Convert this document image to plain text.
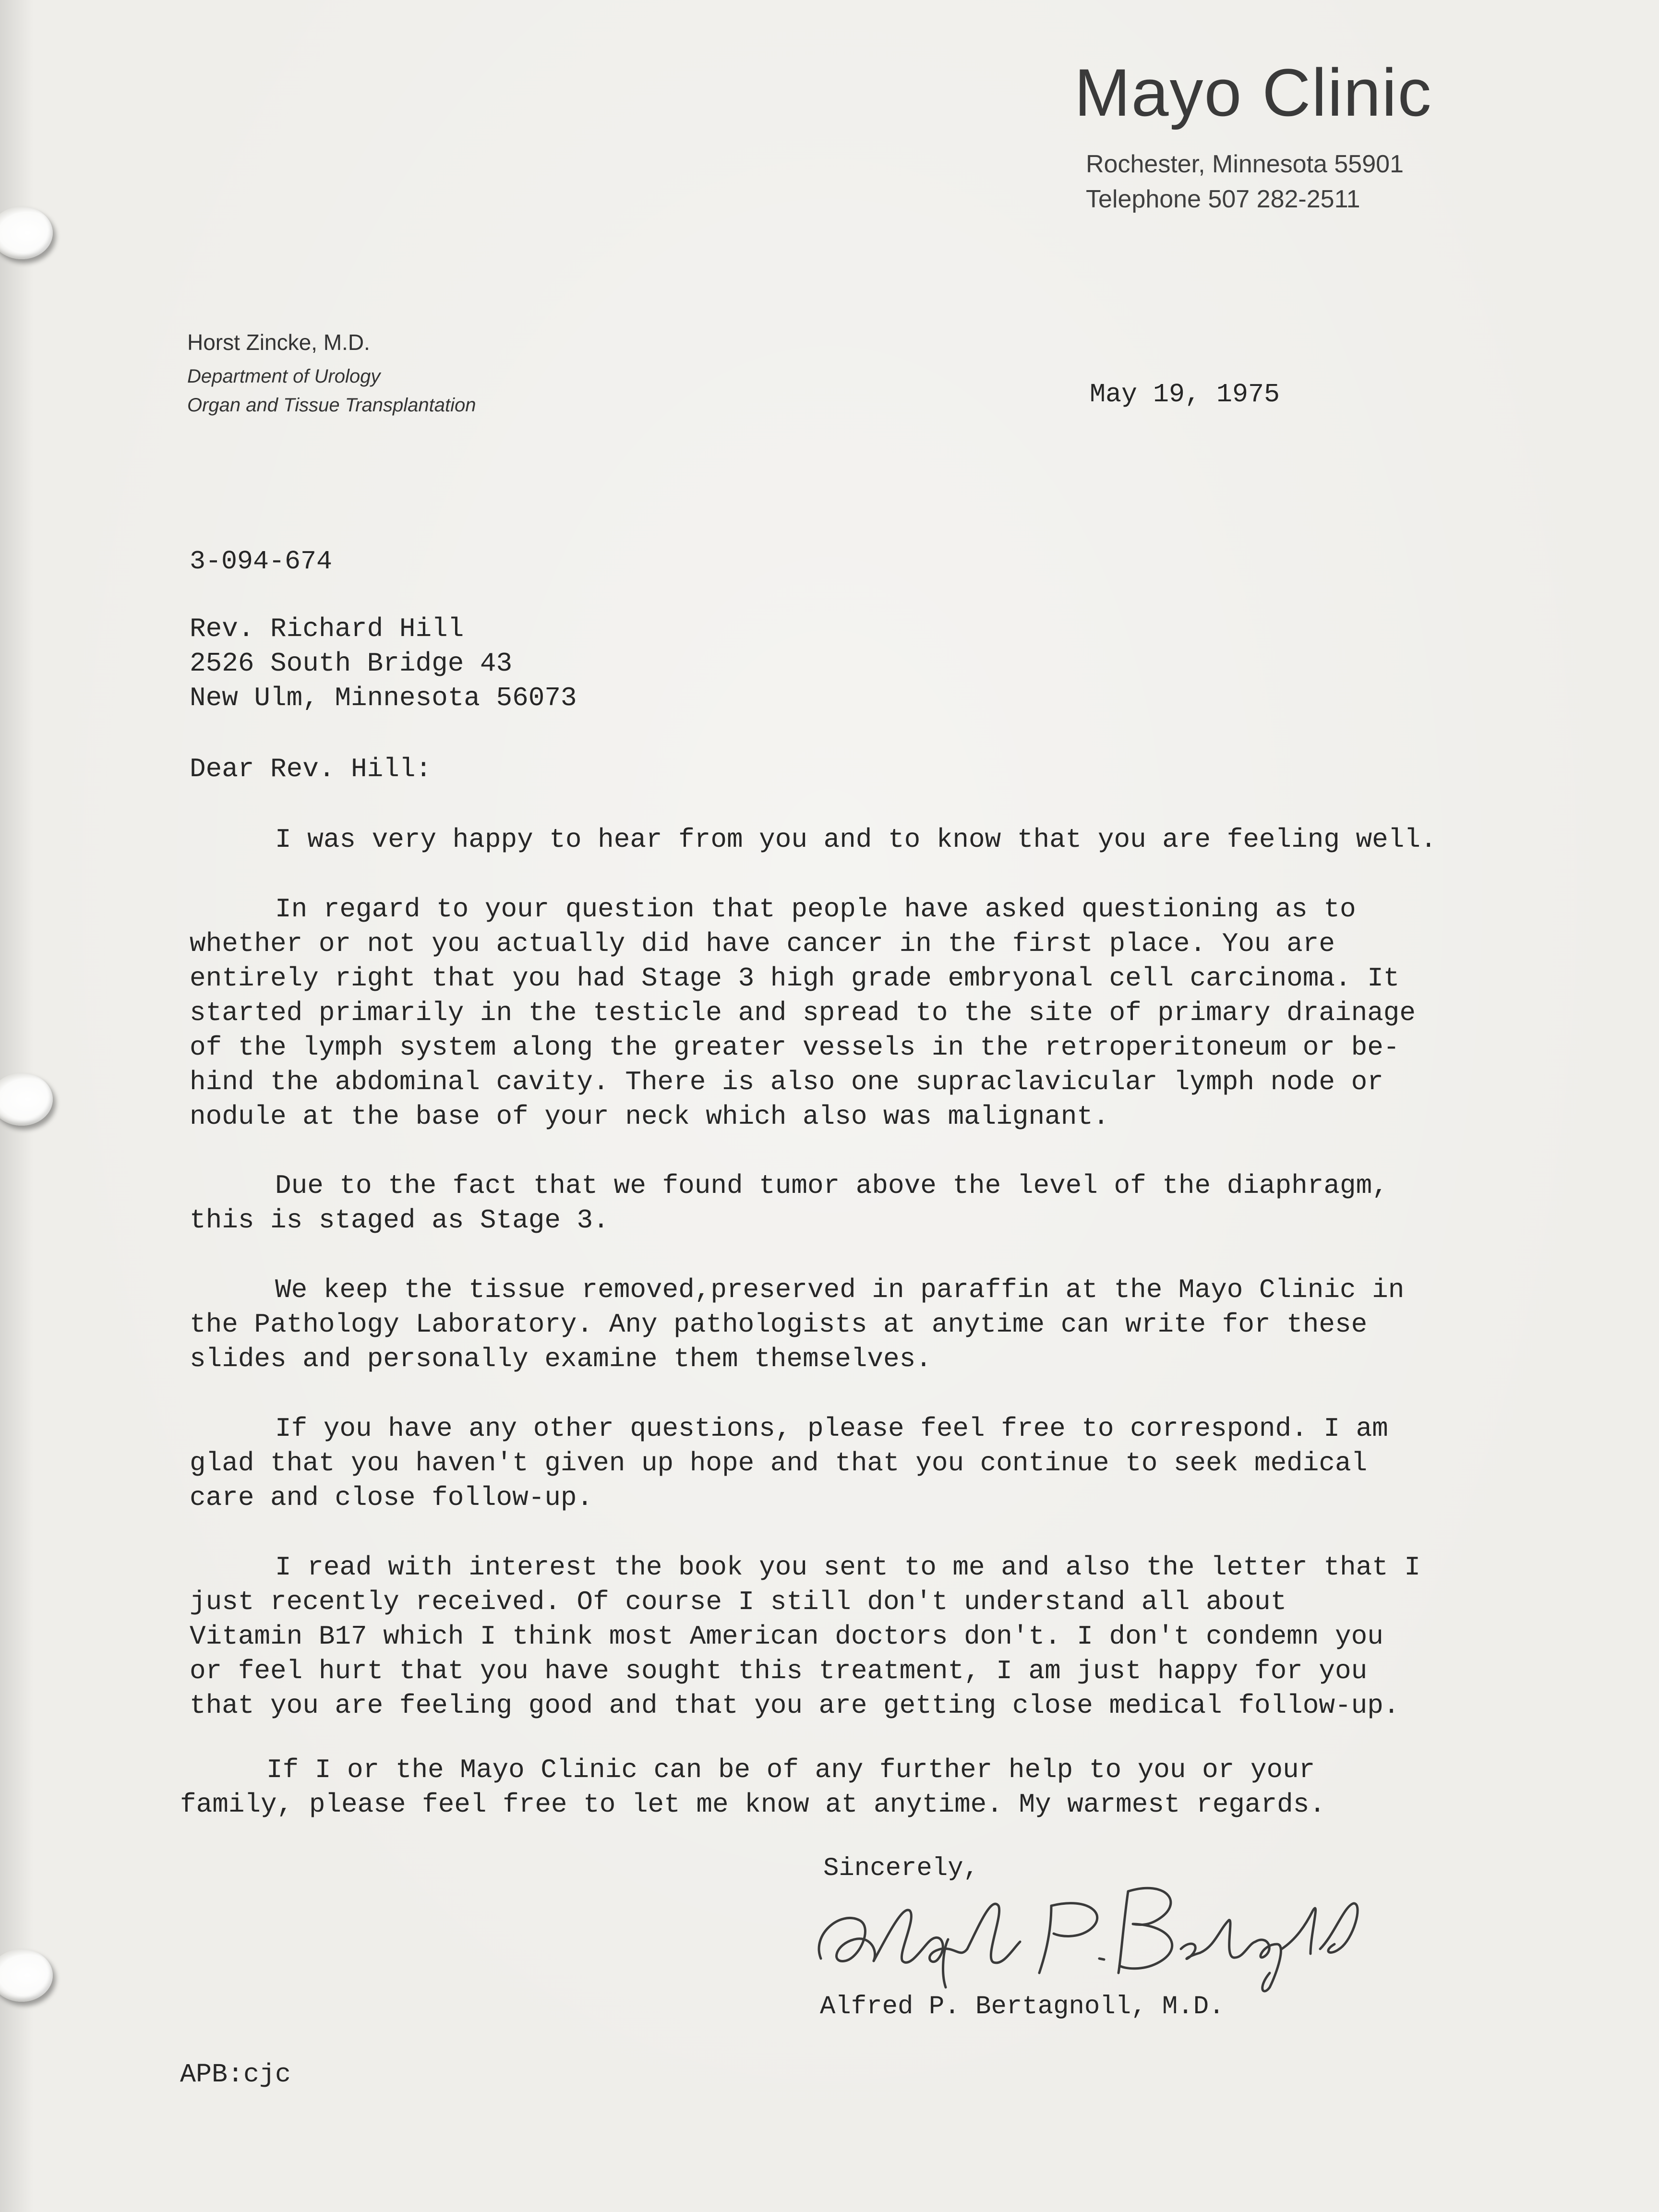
Mayo Clinic
Rochester, Minnesota 55901
Telephone 507 282-2511
Horst Zincke, M.D.
Department of Urology
Organ and Tissue Transplantation	May 19, 1975
3-094-674
Rev. Richard Hill
2526 South Bridge 43
New Ulm, Minnesota 56073
Dear Rev. Hill:
I was very happy to hear from you and to know that you are feeling well.
In regard to your question that people have asked questioning as to
whether or not you actually did have cancer in the first place. You are
entirely right that you had Stage 3 high grade embryonal cell carcinoma. It
started primarily in the testicle and spread to the site of primary drainage
of the lymph system along the greater vessels in the retroperitoneum or be-
hind the abdominal cavity. There is also one supraclavicular lymph node or
nodule at the base of your neck which also was malignant.
Due to the fact that we found tumor above the level of the diaphragm,
this is staged as Stage 3.
We keep the tissue removed,preserved in paraffin at the Mayo Clinic in
the Pathology Laboratory. Any pathologists at anytime can write for these
slides and personally examine them themselves.
If you have any other questions, please feel free to correspond. I am
glad that you haven't given up hope and that you continue to seek medical
care and close follow-up.
I read with interest the book you sent to me and also the letter that I
just recently received. Of course I still don't understand all about
Vitamin B17 which I think most American doctors don't. I don't condemn you
or feel hurt that you have sought this treatment, I am just happy for you
that you are feeling good and that you are getting close medical follow-up.
If I or the Mayo Clinic can be of any further help to you or your
family, please feel free to let me know at anytime. My warmest regards.
Sincerely,
Alfred P. Bertagnoll, M.D.
APB:cjc
